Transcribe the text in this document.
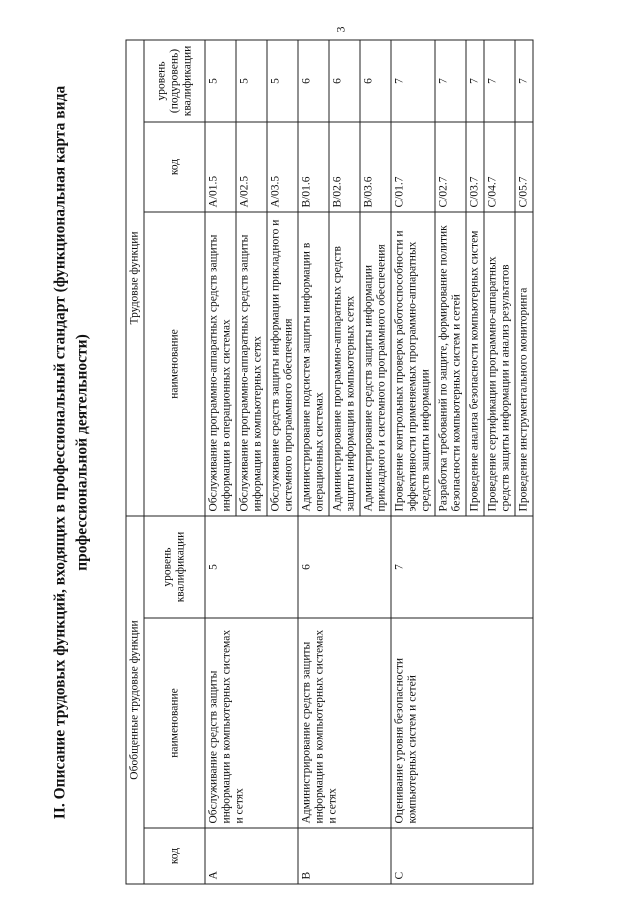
3
II. Описание трудовых функций, входящих в профессиональный стандарт (функциональная карта вида профессиональной деятельности)
Обобщенные трудовые функции			Трудовые функции		
код	наименование	уровень квалификации	наименование	код	уровень (подуровень) квалификации
A	Обслуживание средств защиты информации в компьютерных системах и сетях	5	Обслуживание программно-аппаратных средств защиты информации в операционных системах	A/01.5	5
			Обслуживание программно-аппаратных средств защиты информации в компьютерных сетях	A/02.5	5
			Обслуживание средств защиты информации прикладного и системного программного обеспечения	A/03.5	5
B	Администрирование средств защиты информации в компьютерных системах и сетях	6	Администрирование подсистем защиты информации в операционных системах	B/01.6	6
			Администрирование программно-аппаратных средств защиты информации в компьютерных сетях	B/02.6	6
			Администрирование средств защиты информации прикладного и системного программного обеспечения	B/03.6	6
C	Оценивание уровня безопасности компьютерных систем и сетей	7	Проведение контрольных проверок работоспособности и эффективности применяемых программно-аппаратных средств защиты информации	C/01.7	7
			Разработка требований по защите, формирование политик безопасности компьютерных систем и сетей	C/02.7	7
			Проведение анализа безопасности компьютерных систем	C/03.7	7
			Проведение сертификации программно-аппаратных средств защиты информации и анализ результатов	C/04.7	7
			Проведение инструментального мониторинга	C/05.7	7
